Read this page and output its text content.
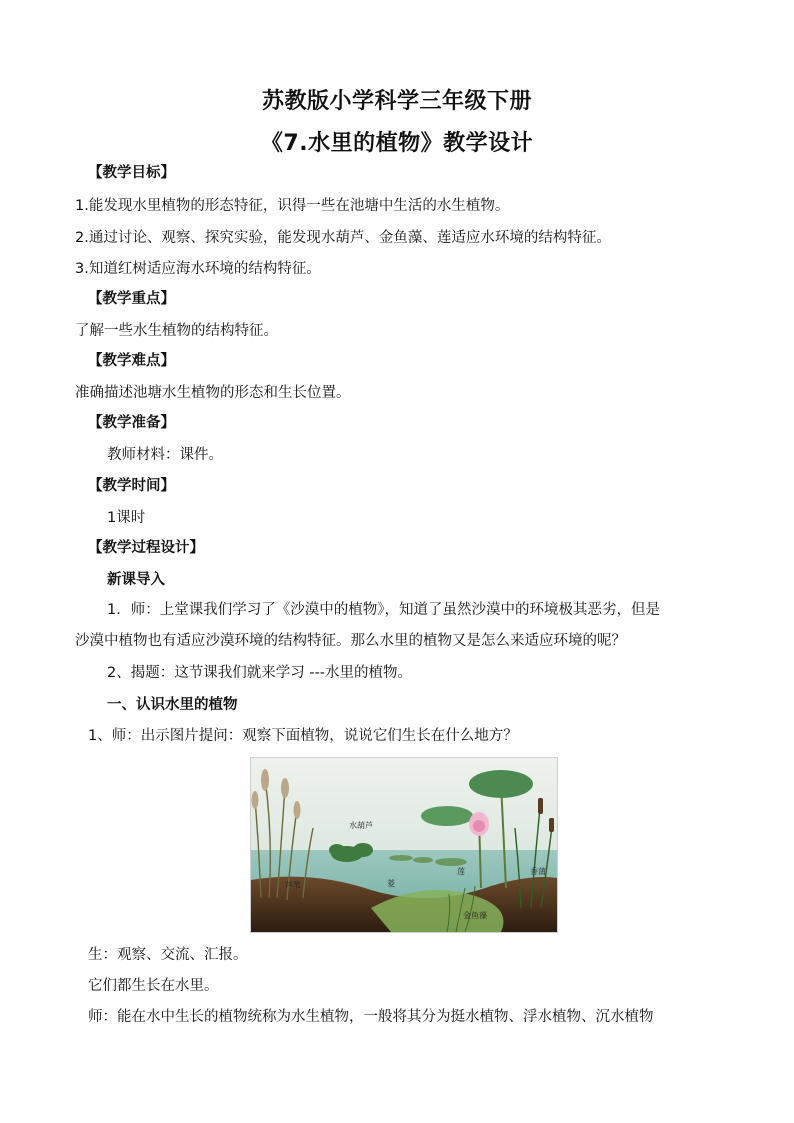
苏教版小学科学三年级下册
《7.水里的植物》教学设计
【教学目标】
1.能发现水里植物的形态特征，识得一些在池塘中生活的水生植物。
2.通过讨论、观察、探究实验，能发现水葫芦、金鱼藻、莲适应水环境的结构特征。
3.知道红树适应海水环境的结构特征。
【教学重点】
了解一些水生植物的结构特征。
【教学难点】
准确描述池塘水生植物的形态和生长位置。
【教学准备】
教师材料：课件。
【教学时间】
1课时
【教学过程设计】
新课导入
1．师：上堂课我们学习了《沙漠中的植物》，知道了虽然沙漠中的环境极其恶劣，但是
沙漠中植物也有适应沙漠环境的结构特征。那么水里的植物又是怎么来适应环境的呢？
2、揭题：这节课我们就来学习 ---水里的植物。
一、认识水里的植物
1、师：出示图片提问：观察下面植物，说说它们生长在什么地方？
水葫芦
芦苇	菱
莲	香蒲
金鱼藻
生：观察、交流、汇报。
它们都生长在水里。
师：能在水中生长的植物统称为水生植物，一般将其分为挺水植物、浮水植物、沉水植物
